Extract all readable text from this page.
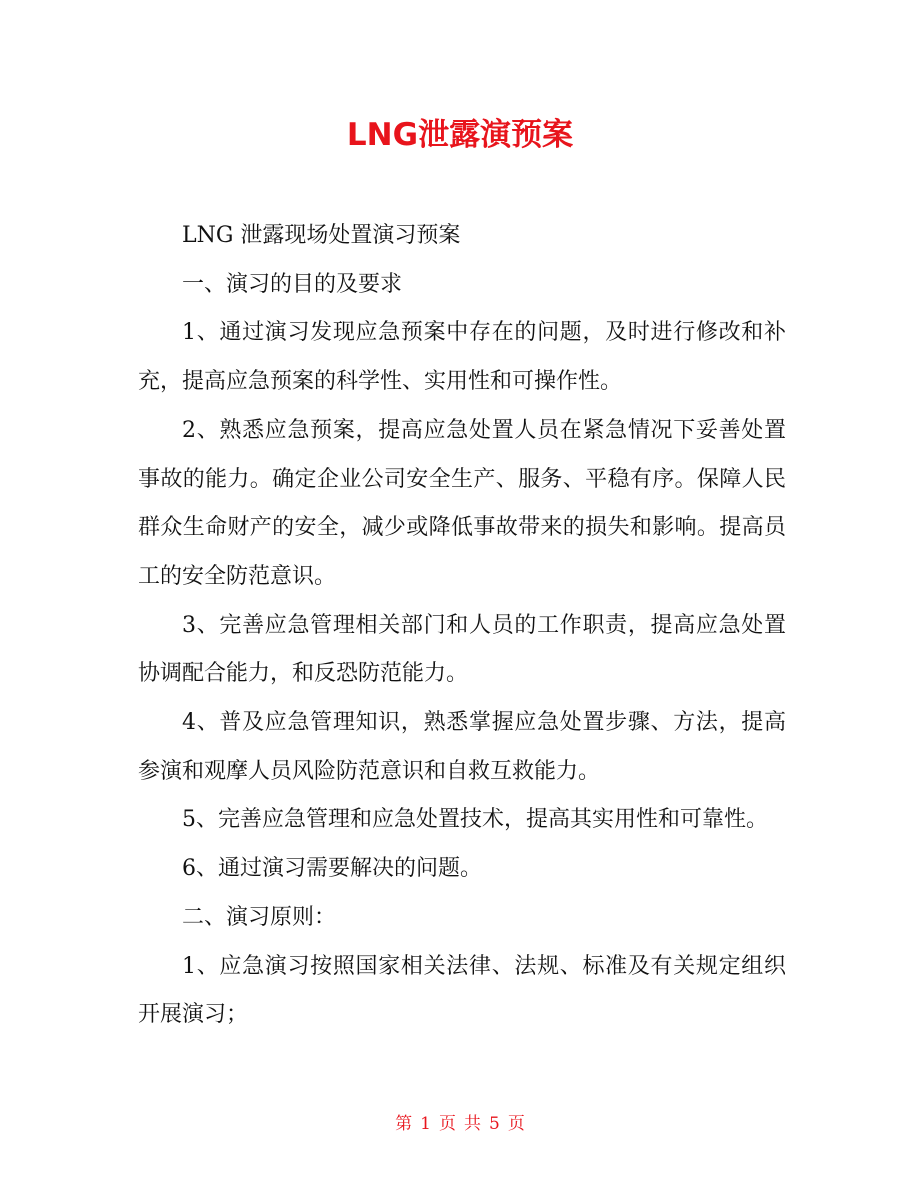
LNG泄露演预案

LNG 泄露现场处置演习预案

一、演习的目的及要求

1、通过演习发现应急预案中存在的问题，及时进行修改和补充，提高应急预案的科学性、实用性和可操作性。

2、熟悉应急预案，提高应急处置人员在紧急情况下妥善处置事故的能力。确定企业公司安全生产、服务、平稳有序。保障人民群众生命财产的安全，减少或降低事故带来的损失和影响。提高员工的安全防范意识。

3、完善应急管理相关部门和人员的工作职责，提高应急处置协调配合能力，和反恐防范能力。

4、普及应急管理知识，熟悉掌握应急处置步骤、方法，提高参演和观摩人员风险防范意识和自救互救能力。

5、完善应急管理和应急处置技术，提高其实用性和可靠性。

6、通过演习需要解决的问题。

二、演习原则：

1、应急演习按照国家相关法律、法规、标准及有关规定组织开展演习；

第 1 页 共 5 页
